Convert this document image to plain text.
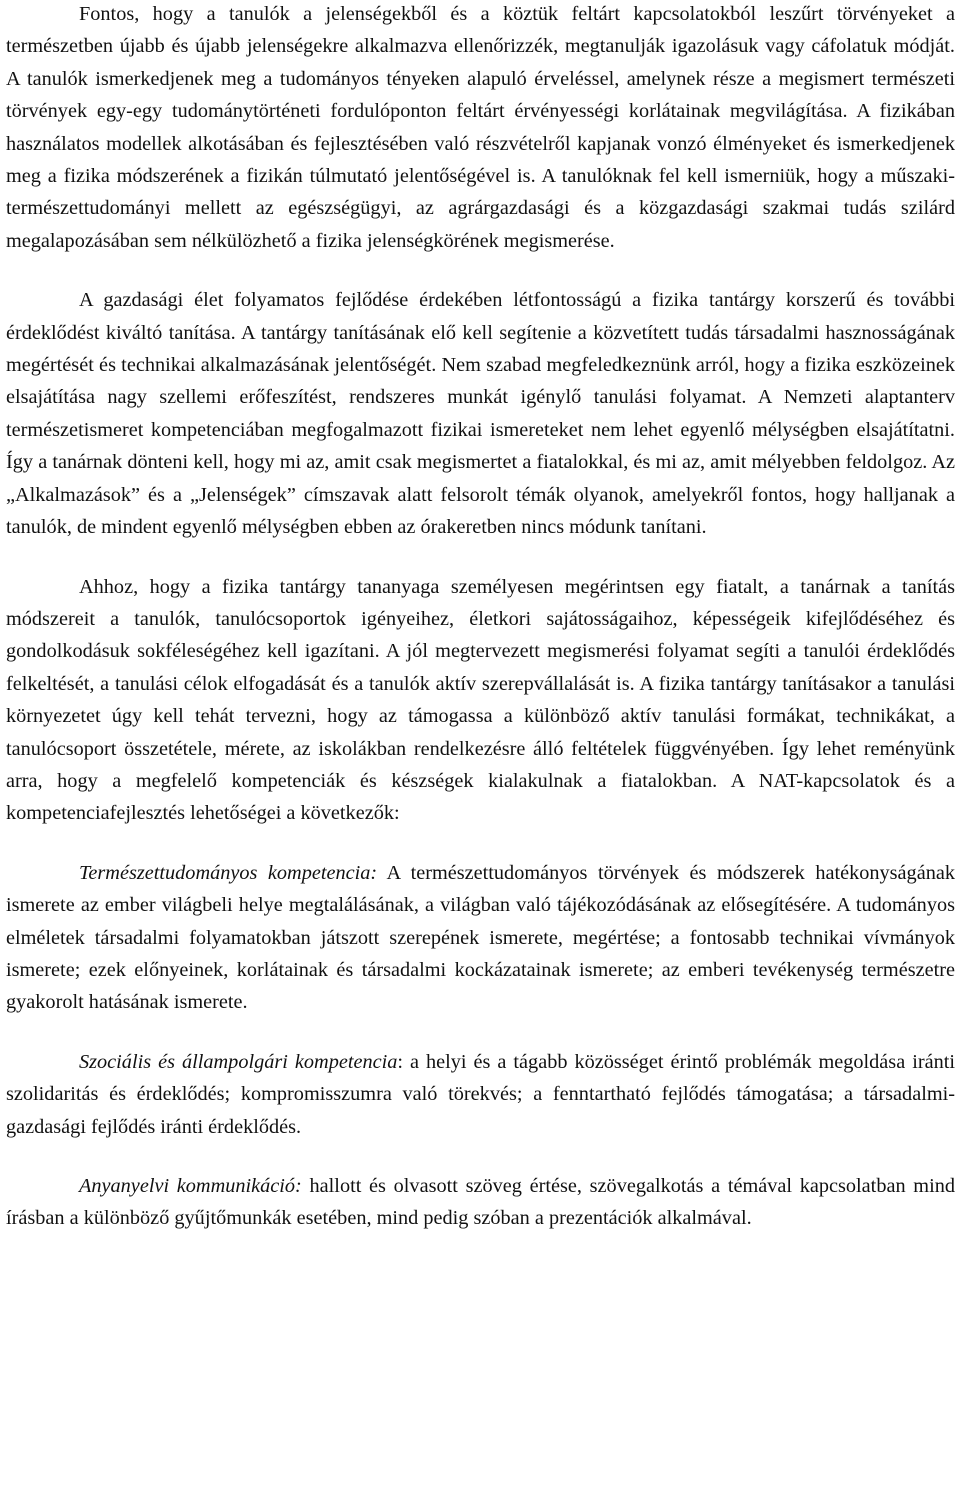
Fontos, hogy a tanulók a jelenségekből és a köztük feltárt kapcsolatokból leszűrt törvényeket a természetben újabb és újabb jelenségekre alkalmazva ellenőrizzék, megtanulják igazolásuk vagy cáfolatuk módját. A tanulók ismerkedjenek meg a tudományos tényeken alapuló érveléssel, amelynek része a megismert természeti törvények egy-egy tudománytörténeti fordulóponton feltárt érvényességi korlátainak megvilágítása. A fizikában használatos modellek alkotásában és fejlesztésében való részvételről kapjanak vonzó élményeket és ismerkedjenek meg a fizika módszerének a fizikán túlmutató jelentőségével is. A tanulóknak fel kell ismerniük, hogy a műszaki-természettudományi mellett az egészségügyi, az agrárgazdasági és a közgazdasági szakmai tudás szilárd megalapozásában sem nélkülözhető a fizika jelenségkörének megismerése.

A gazdasági élet folyamatos fejlődése érdekében létfontosságú a fizika tantárgy korszerű és további érdeklődést kiváltó tanítása. A tantárgy tanításának elő kell segítenie a közvetített tudás társadalmi hasznosságának megértését és technikai alkalmazásának jelentőségét. Nem szabad megfeledkeznünk arról, hogy a fizika eszközeinek elsajátítása nagy szellemi erőfeszítést, rendszeres munkát igénylő tanulási folyamat. A Nemzeti alaptanterv természetismeret kompetenciában megfogalmazott fizikai ismereteket nem lehet egyenlő mélységben elsajátítatni. Így a tanárnak dönteni kell, hogy mi az, amit csak megismertet a fiatalokkal, és mi az, amit mélyebben feldolgoz. Az „Alkalmazások” és a „Jelenségek” címszavak alatt felsorolt témák olyanok, amelyekről fontos, hogy halljanak a tanulók, de mindent egyenlő mélységben ebben az órakeretben nincs módunk tanítani.

Ahhoz, hogy a fizika tantárgy tananyaga személyesen megérintsen egy fiatalt, a tanárnak a tanítás módszereit a tanulók, tanulócsoportok igényeihez, életkori sajátosságaihoz, képességeik kifejlődéséhez és gondolkodásuk sokféleségéhez kell igazítani. A jól megtervezett megismerési folyamat segíti a tanulói érdeklődés felkeltését, a tanulási célok elfogadását és a tanulók aktív szerepvállalását is. A fizika tantárgy tanításakor a tanulási környezetet úgy kell tehát tervezni, hogy az támogassa a különböző aktív tanulási formákat, technikákat, a tanulócsoport összetétele, mérete, az iskolákban rendelkezésre álló feltételek függvényében. Így lehet reményünk arra, hogy a megfelelő kompetenciák és készségek kialakulnak a fiatalokban. A NAT-kapcsolatok és a kompetenciafejlesztés lehetőségei a következők:

Természettudományos kompetencia: A természettudományos törvények és módszerek hatékonyságának ismerete az ember világbeli helye megtalálásának, a világban való tájékozódásának az elősegítésére. A tudományos elméletek társadalmi folyamatokban játszott szerepének ismerete, megértése; a fontosabb technikai vívmányok ismerete; ezek előnyeinek, korlátainak és társadalmi kockázatainak ismerete; az emberi tevékenység természetre gyakorolt hatásának ismerete.

Szociális és állampolgári kompetencia: a helyi és a tágabb közösséget érintő problémák megoldása iránti szolidaritás és érdeklődés; kompromisszumra való törekvés; a fenntartható fejlődés támogatása; a társadalmi-gazdasági fejlődés iránti érdeklődés.

Anyanyelvi kommunikáció: hallott és olvasott szöveg értése, szövegalkotás a témával kapcsolatban mind írásban a különböző gyűjtőmunkák esetében, mind pedig szóban a prezentációk alkalmával.
